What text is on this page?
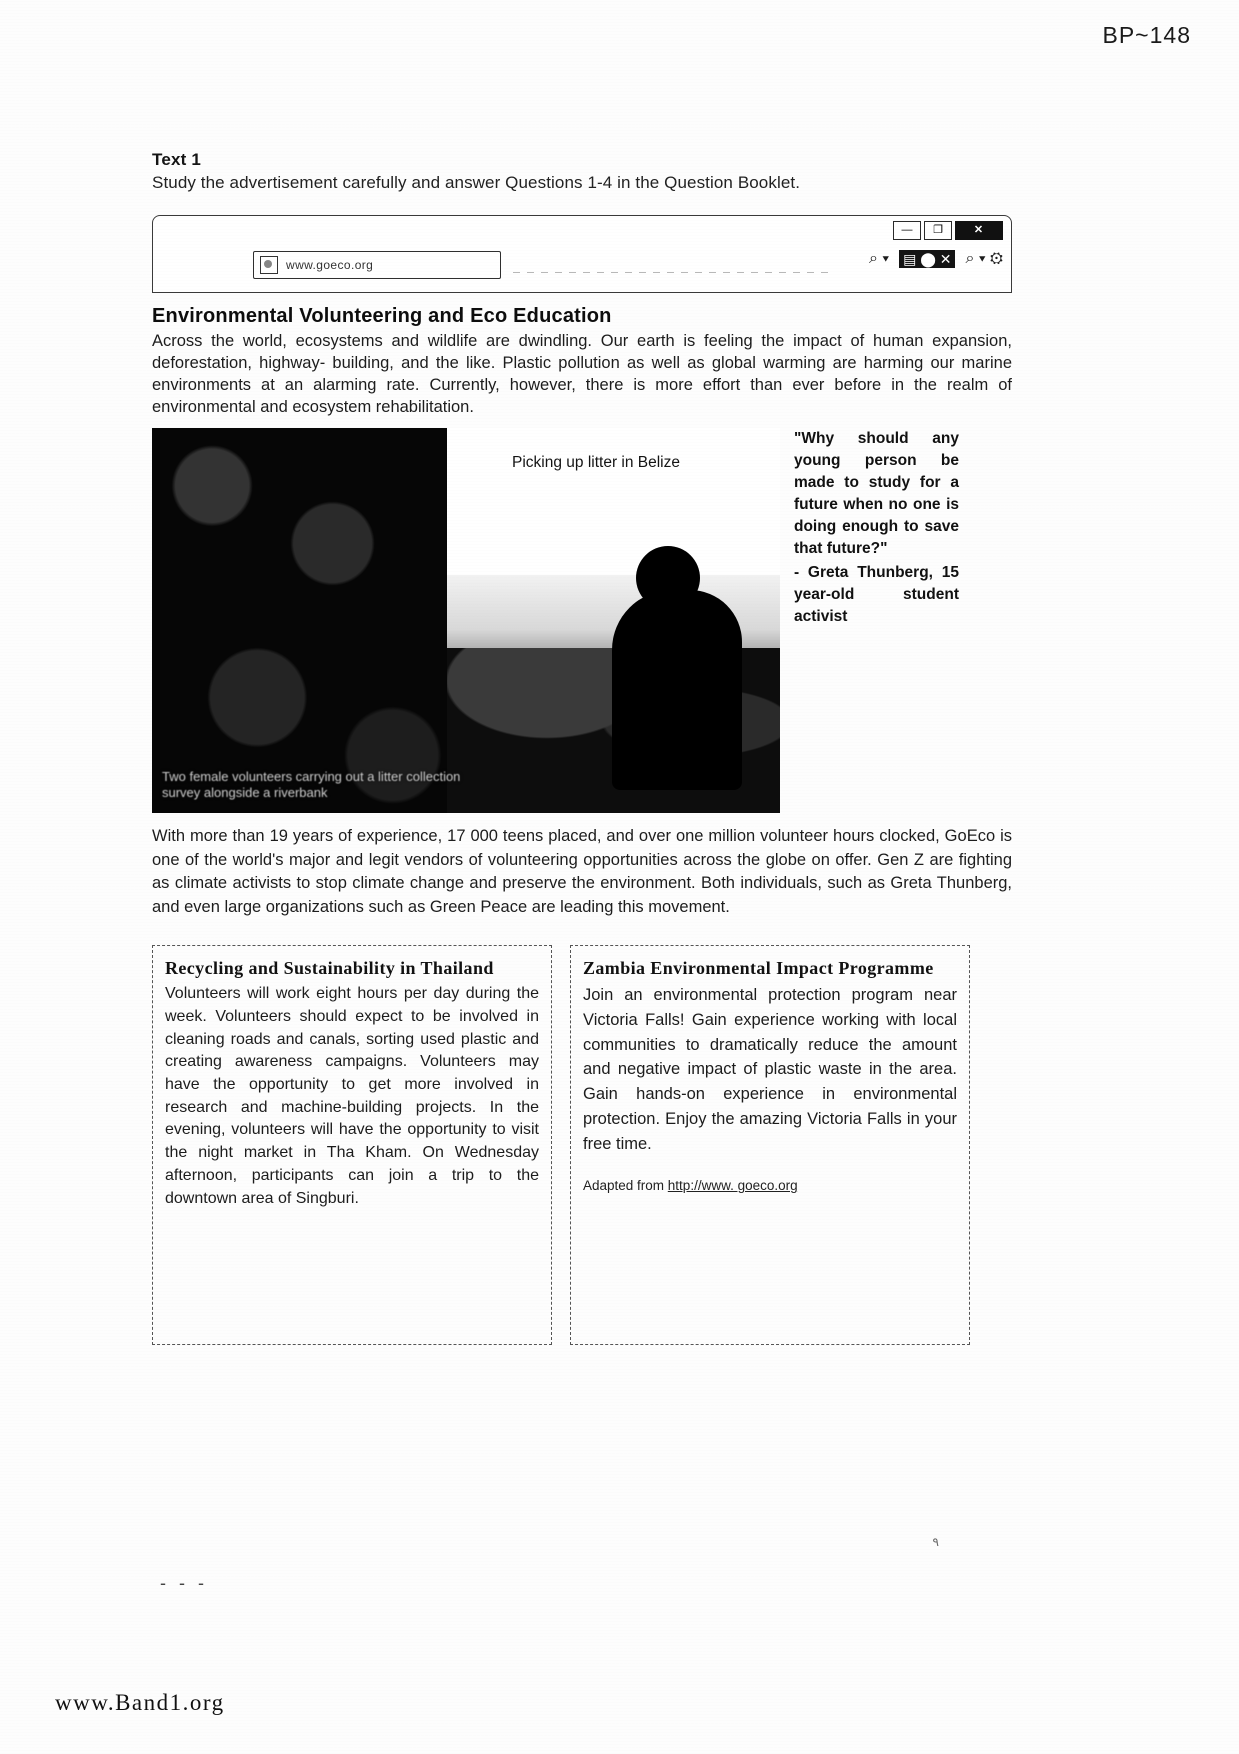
BP~148
Text 1
Study the advertisement carefully and answer Questions 1-4 in the Question Booklet.
—	❐	✕
www.goeco.org	⌕ ▾ ▤ ⬤ ✕ ⌕ ▾ ⚙
Environmental Volunteering and Eco Education
Across the world, ecosystems and wildlife are dwindling. Our earth is feeling the impact of human expansion, deforestation, highway- building, and the like. Plastic pollution as well as global warming are harming our marine environments at an alarming rate. Currently, however, there is more effort than ever before in the realm of environmental and ecosystem rehabilitation.
Picking up litter in Belize
Two female volunteers carrying out a litter collection survey alongside a riverbank
"Why should any young person be made to study for a future when no one is doing enough to save that future?"
- Greta Thunberg, 15 year-old student activist
With more than 19 years of experience, 17 000 teens placed, and over one million volunteer hours clocked, GoEco is one of the world's major and legit vendors of volunteering opportunities across the globe on offer. Gen Z are fighting as climate activists to stop climate change and preserve the environment. Both individuals, such as Greta Thunberg, and even large organizations such as Green Peace are leading this movement.
Recycling and Sustainability in Thailand

Volunteers will work eight hours per day during the week. Volunteers should expect to be involved in cleaning roads and canals, sorting used plastic and creating awareness campaigns. Volunteers may have the opportunity to get more involved in research and machine-building projects. In the evening, volunteers will have the opportunity to visit the night market in Tha Kham. On Wednesday afternoon, participants can join a trip to the downtown area of Singburi.

Zambia Environmental Impact Programme

Join an environmental protection program near Victoria Falls! Gain experience working with local communities to dramatically reduce the amount and negative impact of plastic waste in the area. Gain hands-on experience in environmental protection. Enjoy the amazing Victoria Falls in your free time.

Adapted from http://www. goeco.org
- - -
٩
www.Band1.org
